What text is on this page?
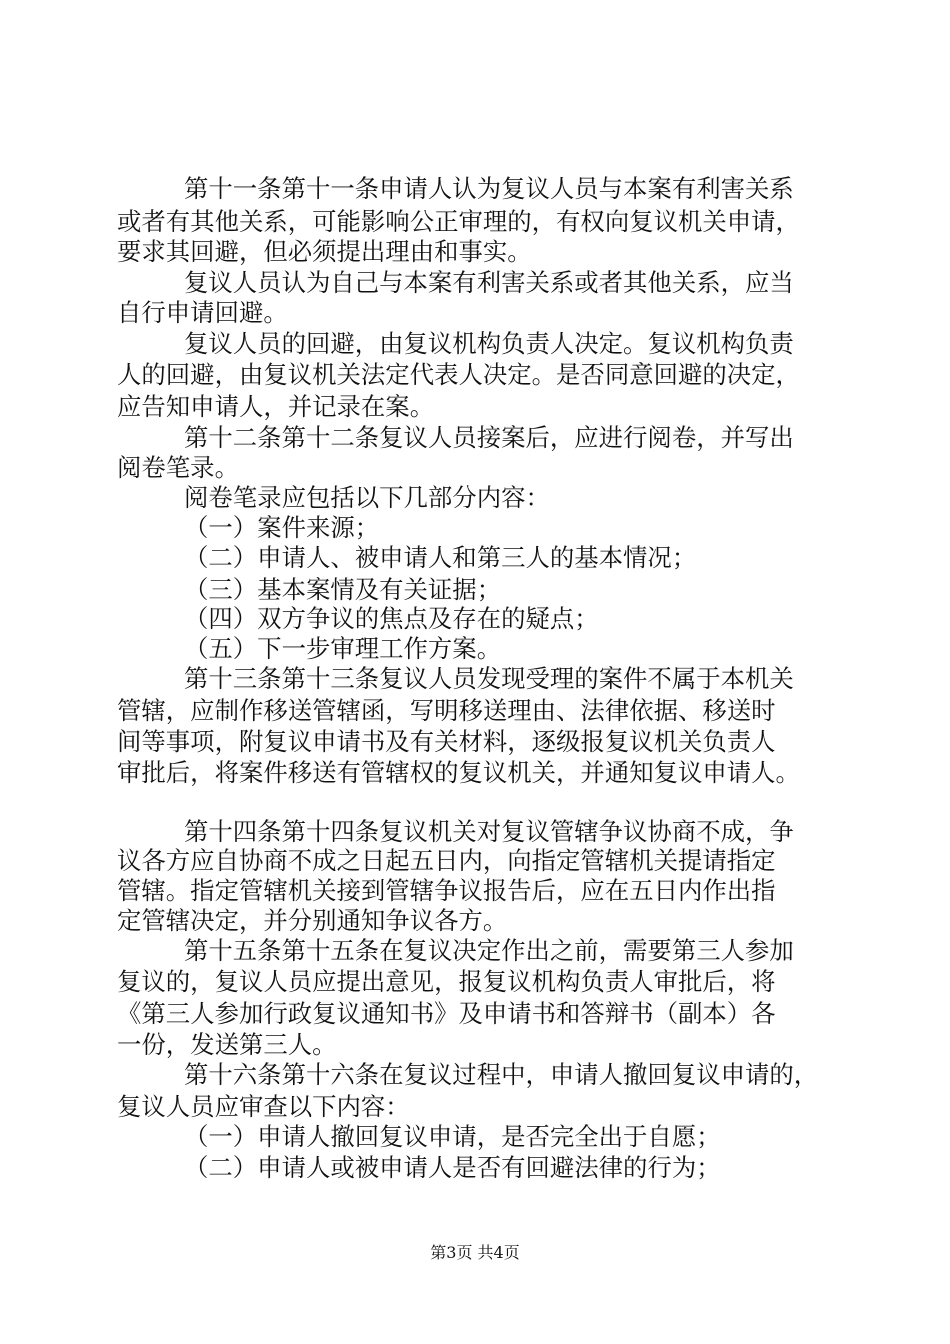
第十一条第十一条申请人认为复议人员与本案有利害关系
或者有其他关系，可能影响公正审理的，有权向复议机关申请，
要求其回避，但必须提出理由和事实。
复议人员认为自己与本案有利害关系或者其他关系，应当
自行申请回避。
复议人员的回避，由复议机构负责人决定。复议机构负责
人的回避，由复议机关法定代表人决定。是否同意回避的决定，
应告知申请人，并记录在案。
第十二条第十二条复议人员接案后，应进行阅卷，并写出
阅卷笔录。
阅卷笔录应包括以下几部分内容：
（一）案件来源；
（二）申请人、被申请人和第三人的基本情况；
（三）基本案情及有关证据；
（四）双方争议的焦点及存在的疑点；
（五）下一步审理工作方案。
第十三条第十三条复议人员发现受理的案件不属于本机关
管辖，应制作移送管辖函，写明移送理由、法律依据、移送时
间等事项，附复议申请书及有关材料，逐级报复议机关负责人
审批后，将案件移送有管辖权的复议机关，并通知复议申请人。
第十四条第十四条复议机关对复议管辖争议协商不成，争
议各方应自协商不成之日起五日内，向指定管辖机关提请指定
管辖。指定管辖机关接到管辖争议报告后，应在五日内作出指
定管辖决定，并分别通知争议各方。
第十五条第十五条在复议决定作出之前，需要第三人参加
复议的，复议人员应提出意见，报复议机构负责人审批后，将
《第三人参加行政复议通知书》及申请书和答辩书（副本）各
一份，发送第三人。
第十六条第十六条在复议过程中，申请人撤回复议申请的，
复议人员应审查以下内容：
（一）申请人撤回复议申请，是否完全出于自愿；
（二）申请人或被申请人是否有回避法律的行为；
第3页 共4页
